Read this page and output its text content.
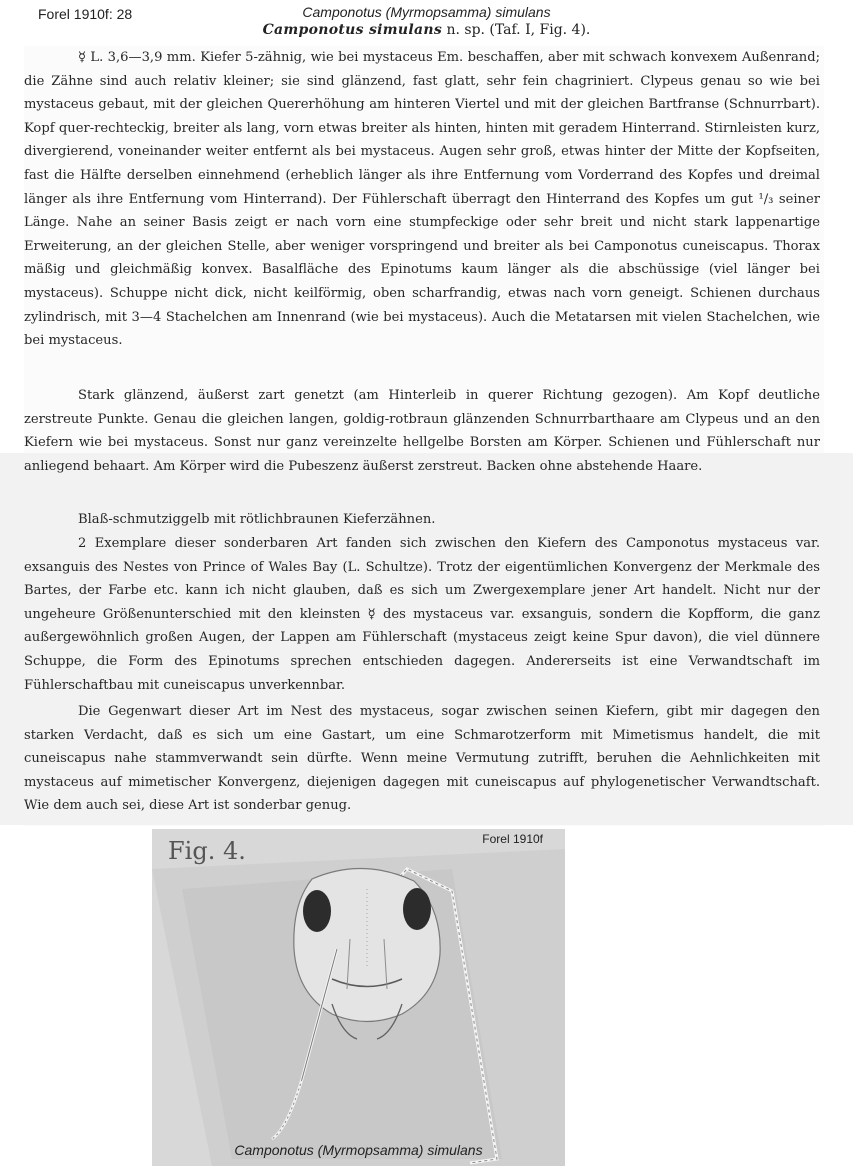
Forel 1910f: 28	Camponotus (Myrmopsamma) simulans
Camponotus simulans n. sp. (Taf. I, Fig. 4).

☿ L. 3,6—3,9 mm. Kiefer 5-zähnig, wie bei mystaceus Em. beschaffen, aber mit schwach konvexem Außenrand; die Zähne sind auch relativ kleiner; sie sind glänzend, fast glatt, sehr fein chagriniert. Clypeus genau so wie bei mystaceus gebaut, mit der gleichen Quererhöhung am hinteren Viertel und mit der gleichen Bartfranse (Schnurrbart). Kopf quer-rechteckig, breiter als lang, vorn etwas breiter als hinten, hinten mit geradem Hinterrand. Stirnleisten kurz, divergierend, voneinander weiter entfernt als bei mystaceus. Augen sehr groß, etwas hinter der Mitte der Kopfseiten, fast die Hälfte derselben einnehmend (erheblich länger als ihre Entfernung vom Vorderrand des Kopfes und dreimal länger als ihre Entfernung vom Hinterrand). Der Fühlerschaft überragt den Hinterrand des Kopfes um gut ¹/₃ seiner Länge. Nahe an seiner Basis zeigt er nach vorn eine stumpfeckige oder sehr breit und nicht stark lappenartige Erweiterung, an der gleichen Stelle, aber weniger vorspringend und breiter als bei Camponotus cuneiscapus. Thorax mäßig und gleichmäßig konvex. Basalfläche des Epinotums kaum länger als die abschüssige (viel länger bei mystaceus). Schuppe nicht dick, nicht keilförmig, oben scharfrandig, etwas nach vorn geneigt. Schienen durchaus zylindrisch, mit 3—4 Stachelchen am Innenrand (wie bei mystaceus). Auch die Metatarsen mit vielen Stachelchen, wie bei mystaceus.

Stark glänzend, äußerst zart genetzt (am Hinterleib in querer Richtung gezogen). Am Kopf deutliche zerstreute Punkte. Genau die gleichen langen, goldig-rotbraun glänzenden Schnurrbarthaare am Clypeus und an den Kiefern wie bei mystaceus. Sonst nur ganz vereinzelte hellgelbe Borsten am Körper. Schienen und Fühlerschaft nur anliegend behaart. Am Körper wird die Pubeszenz äußerst zerstreut. Backen ohne abstehende Haare.

Blaß-schmutziggelb mit rötlichbraunen Kieferzähnen.

2 Exemplare dieser sonderbaren Art fanden sich zwischen den Kiefern des Camponotus mystaceus var. exsanguis des Nestes von Prince of Wales Bay (L. Schultze). Trotz der eigentümlichen Konvergenz der Merkmale des Bartes, der Farbe etc. kann ich nicht glauben, daß es sich um Zwergexemplare jener Art handelt. Nicht nur der ungeheure Größenunterschied mit den kleinsten ☿ des mystaceus var. exsanguis, sondern die Kopfform, die ganz außergewöhnlich großen Augen, der Lappen am Fühlerschaft (mystaceus zeigt keine Spur davon), die viel dünnere Schuppe, die Form des Epinotums sprechen entschieden dagegen. Andererseits ist eine Verwandtschaft im Fühlerschaftbau mit cuneiscapus unverkennbar.

Die Gegenwart dieser Art im Nest des mystaceus, sogar zwischen seinen Kiefern, gibt mir dagegen den starken Verdacht, daß es sich um eine Gastart, um eine Schmarotzerform mit Mimetismus handelt, die mit cuneiscapus nahe stammverwandt sein dürfte. Wenn meine Vermutung zutrifft, beruhen die Aehnlichkeiten mit mystaceus auf mimetischer Konvergenz, diejenigen dagegen mit cuneiscapus auf phylogenetischer Verwandtschaft. Wie dem auch sei, diese Art ist sonderbar genug.

Fig. 4.	Forel 1910f
Camponotus (Myrmopsamma) simulans
